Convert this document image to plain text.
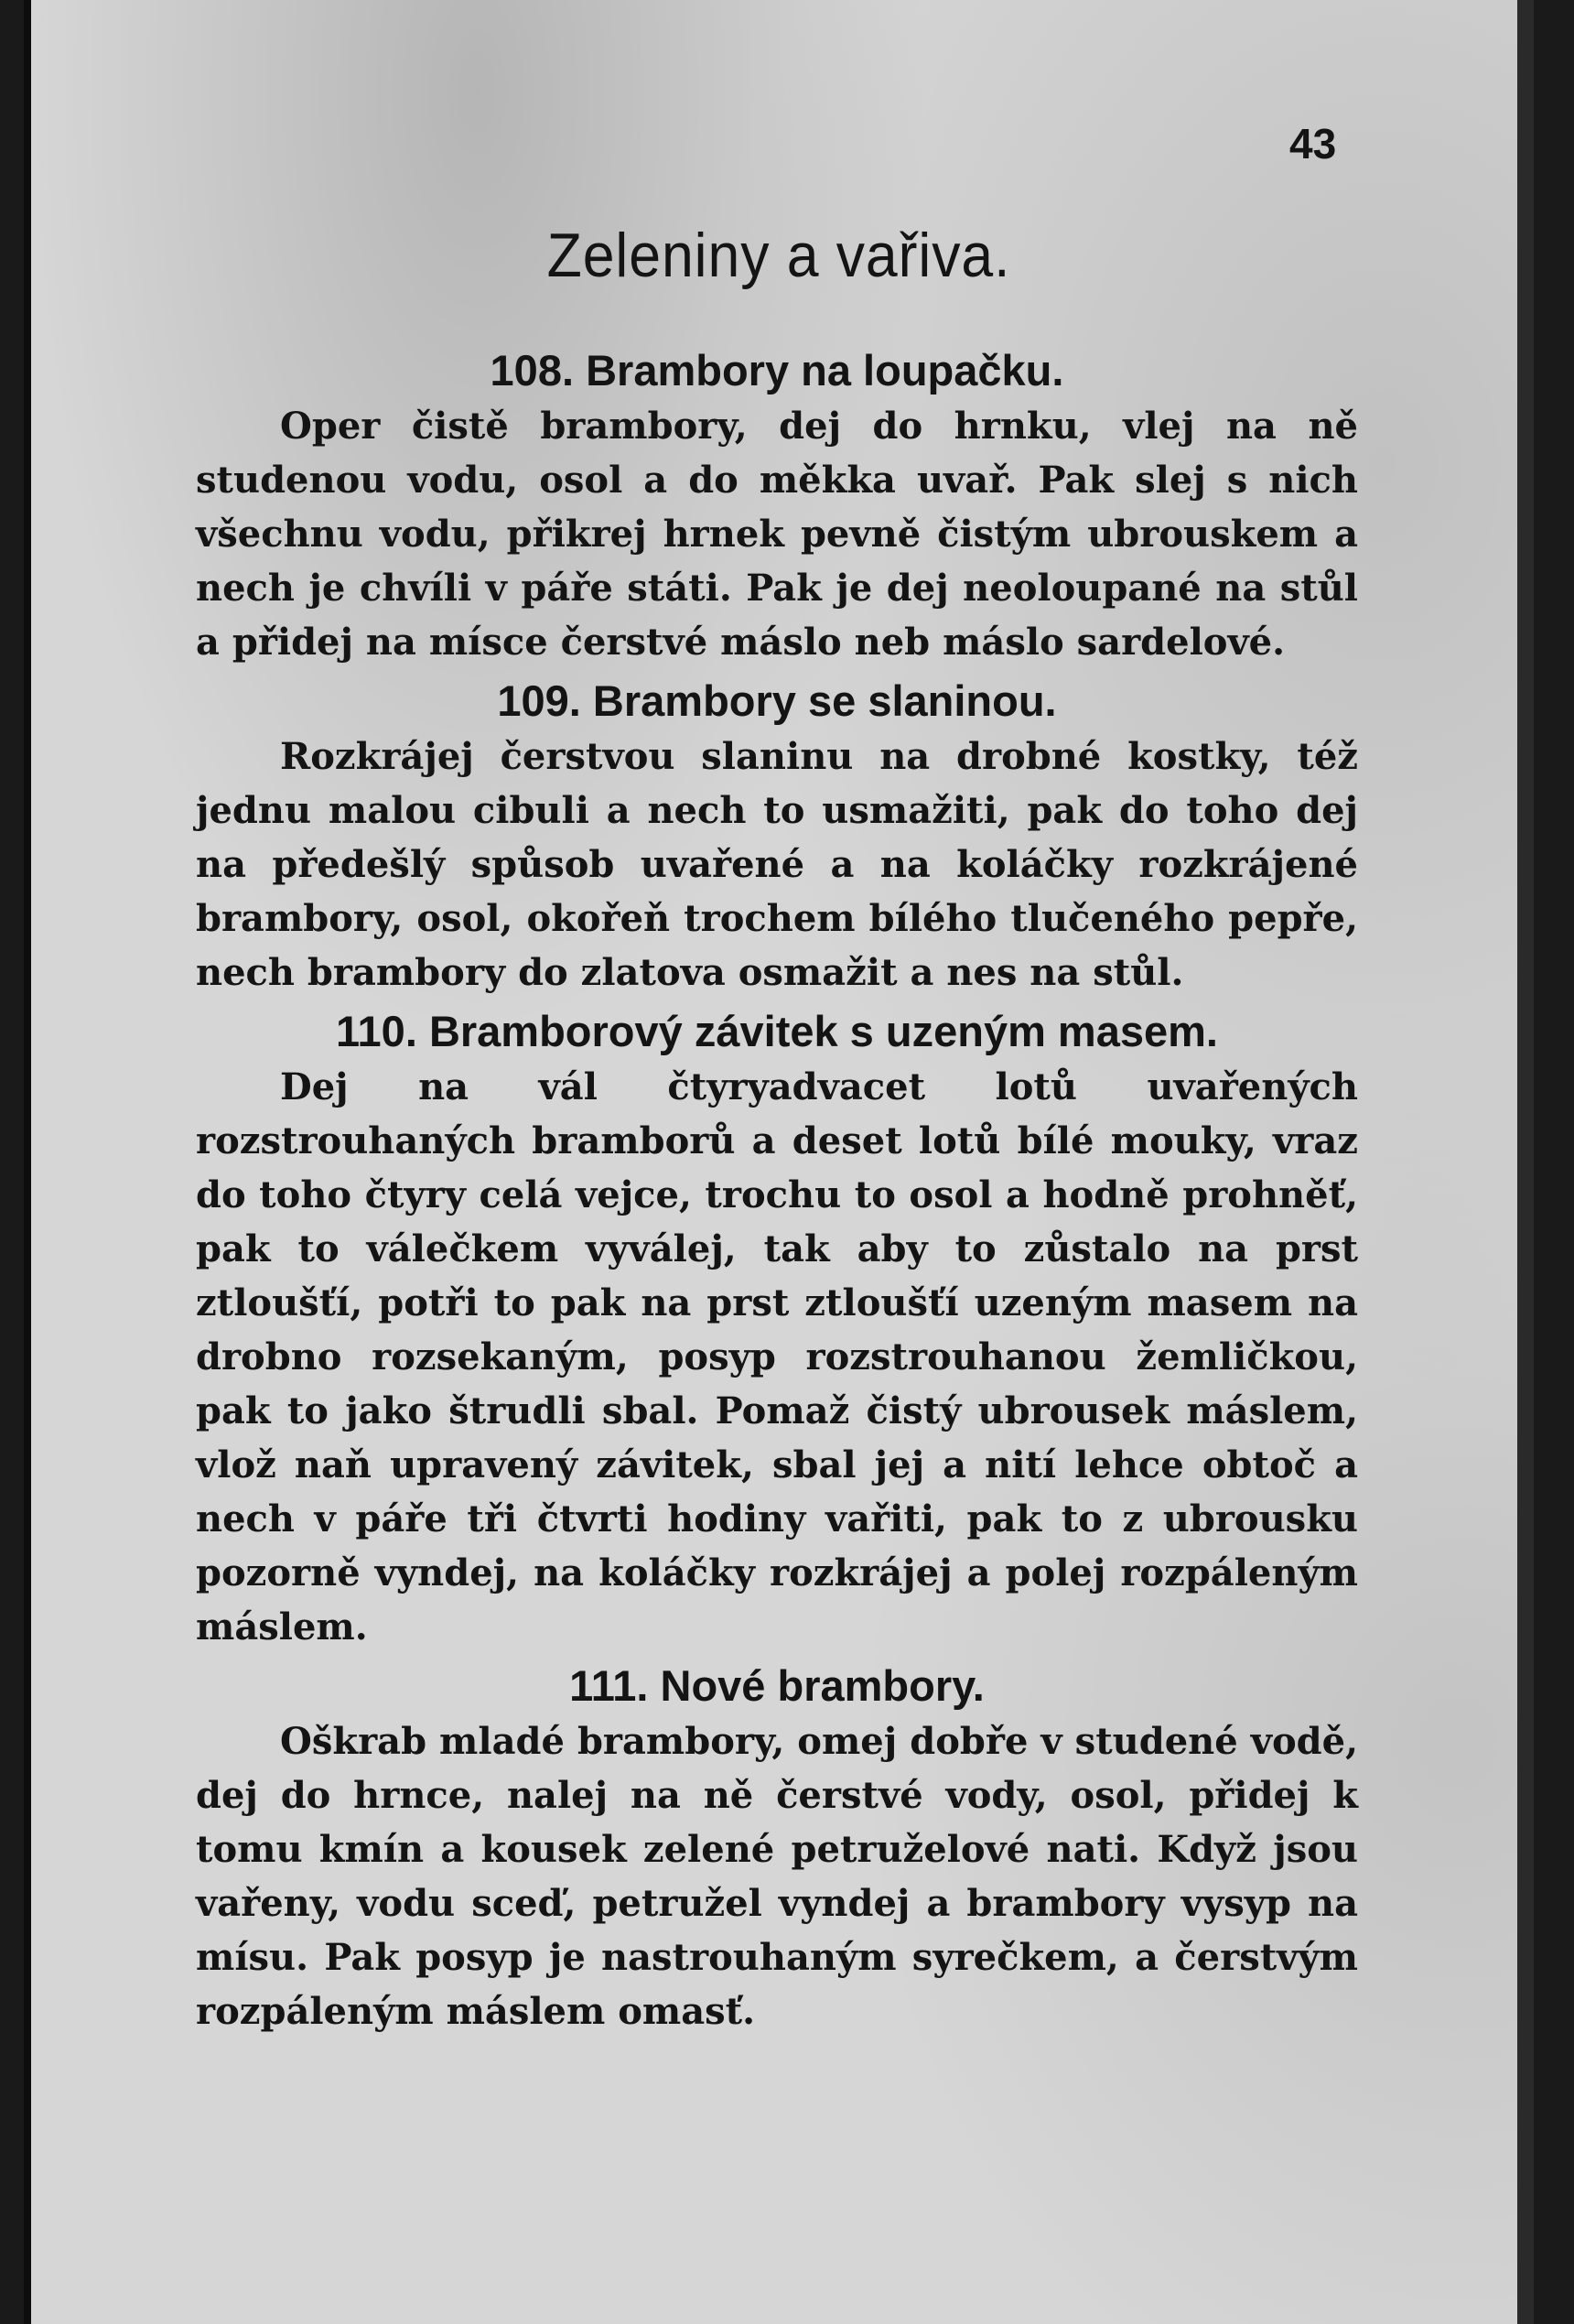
43
Zeleniny a vařiva.
108. Brambory na loupačku.

Oper čistě brambory, dej do hrnku, vlej na ně studenou vodu, osol a do měkka uvař. Pak slej s nich všechnu vodu, přikrej hrnek pevně čistým ubrouskem a nech je chvíli v páře státi. Pak je dej neoloupané na stůl a přidej na mísce čerstvé máslo neb máslo sardelové.

109. Brambory se slaninou.

Rozkrájej čerstvou slaninu na drobné kostky, též jednu malou cibuli a nech to usmažiti, pak do toho dej na předešlý spůsob uvařené a na koláčky rozkrájené brambory, osol, okořeň trochem bílého tlučeného pepře, nech brambory do zlatova osmažit a nes na stůl.

110. Bramborový závitek s uzeným masem.

Dej na vál čtyryadvacet lotů uvařených rozstrouhaných bramborů a deset lotů bílé mouky, vraz do toho čtyry celá vejce, trochu to osol a hodně prohněť, pak to válečkem vyválej, tak aby to zůstalo na prst ztloušťí, potři to pak na prst ztloušťí uzeným masem na drobno rozsekaným, posyp rozstrouhanou žemličkou, pak to jako štrudli sbal. Pomaž čistý ubrousek máslem, vlož naň upravený závitek, sbal jej a nití lehce obtoč a nech v páře tři čtvrti hodiny vařiti, pak to z ubrousku pozorně vyndej, na koláčky rozkrájej a polej rozpáleným máslem.

111. Nové brambory.

Oškrab mladé brambory, omej dobře v studené vodě, dej do hrnce, nalej na ně čerstvé vody, osol, přidej k tomu kmín a kousek zelené petruželové nati. Když jsou vařeny, vodu sceď, petružel vyndej a brambory vysyp na mísu. Pak posyp je nastrouhaným syrečkem, a čerstvým rozpáleným máslem omasť.
